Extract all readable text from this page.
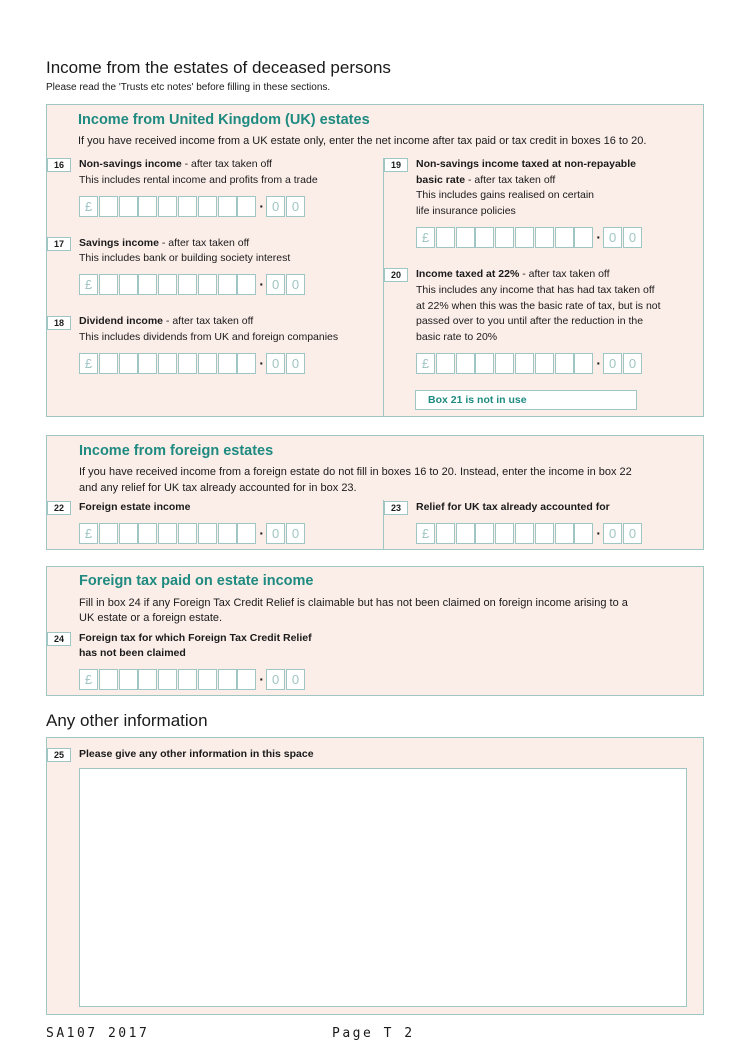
Income from the estates of deceased persons
Please read the 'Trusts etc notes' before filling in these sections.
Income from United Kingdom (UK) estates
If you have received income from a UK estate only, enter the net income after tax paid or tax credit in boxes 16 to 20.
16	Non-savings income - after tax taken off
This includes rental income and profits from a trade
£	· 0 0
17	Savings income - after tax taken off
This includes bank or building society interest
£	· 0 0
18	Dividend income - after tax taken off
This includes dividends from UK and foreign companies
£	· 0 0
19	Non-savings income taxed at non-repayable
basic rate - after tax taken off
This includes gains realised on certain
life insurance policies
£	· 0 0
20	Income taxed at 22% - after tax taken off
This includes any income that has had tax taken off
at 22% when this was the basic rate of tax, but is not
passed over to you until after the reduction in the
basic rate to 20%
£	· 0 0
Box 21 is not in use
Income from foreign estates
If you have received income from a foreign estate do not fill in boxes 16 to 20. Instead, enter the income in box 22
and any relief for UK tax already accounted for in box 23.
22	Foreign estate income
£	· 0 0
23	Relief for UK tax already accounted for
£	· 0 0
Foreign tax paid on estate income
Fill in box 24 if any Foreign Tax Credit Relief is claimable but has not been claimed on foreign income arising to a
UK estate or a foreign estate.
24	Foreign tax for which Foreign Tax Credit Relief
has not been claimed
£	· 0 0
Any other information
25	Please give any other information in this space
SA107 2017	Page T 2
